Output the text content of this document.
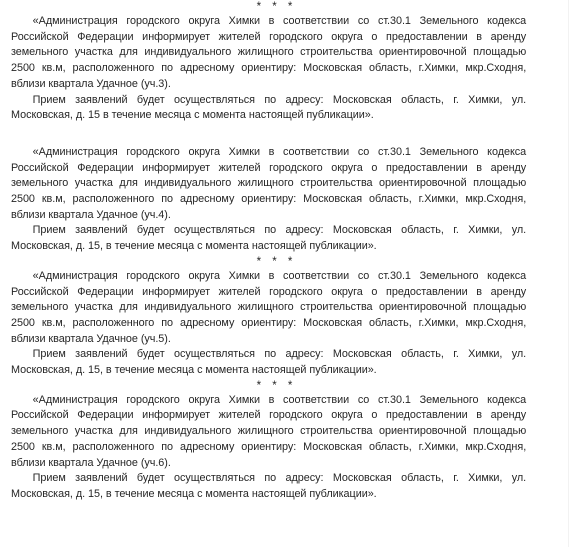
* * *

«Администрация городского округа Химки в соответствии со ст.30.1 Земельного кодекса Российской Федерации информирует жителей городского округа о предоставлении в аренду земельного участка для индивидуального жилищного строительства ориентировочной площадью 2500 кв.м, расположенного по адресному ориентиру: Московская область, г.Химки, мкр.Сходня, вблизи квартала Удачное (уч.3).

Прием заявлений будет осуществляться по адресу: Московская область, г. Химки, ул. Московская, д. 15 в течение месяца с момента настоящей публикации».

«Администрация городского округа Химки в соответствии со ст.30.1 Земельного кодекса Российской Федерации информирует жителей городского округа о предоставлении в аренду земельного участка для индивидуального жилищного строительства ориентировочной площадью 2500 кв.м, расположенного по адресному ориентиру: Московская область, г.Химки, мкр.Сходня, вблизи квартала Удачное (уч.4).

Прием заявлений будет осуществляться по адресу: Московская область, г. Химки, ул. Московская, д. 15, в течение месяца с момента настоящей публикации».

* * *

«Администрация городского округа Химки в соответствии со ст.30.1 Земельного кодекса Российской Федерации информирует жителей городского округа о предоставлении в аренду земельного участка для индивидуального жилищного строительства ориентировочной площадью 2500 кв.м, расположенного по адресному ориентиру: Московская область, г.Химки, мкр.Сходня, вблизи квартала Удачное (уч.5).

Прием заявлений будет осуществляться по адресу: Московская область, г. Химки, ул. Московская, д. 15, в течение месяца с момента настоящей публикации».

* * *

«Администрация городского округа Химки в соответствии со ст.30.1 Земельного кодекса Российской Федерации информирует жителей городского округа о предоставлении в аренду земельного участка для индивидуального жилищного строительства ориентировочной площадью 2500 кв.м, расположенного по адресному ориентиру: Московская область, г.Химки, мкр.Сходня, вблизи квартала Удачное (уч.6).

Прием заявлений будет осуществляться по адресу: Московская область, г. Химки, ул. Московская, д. 15, в течение месяца с момента настоящей публикации».
